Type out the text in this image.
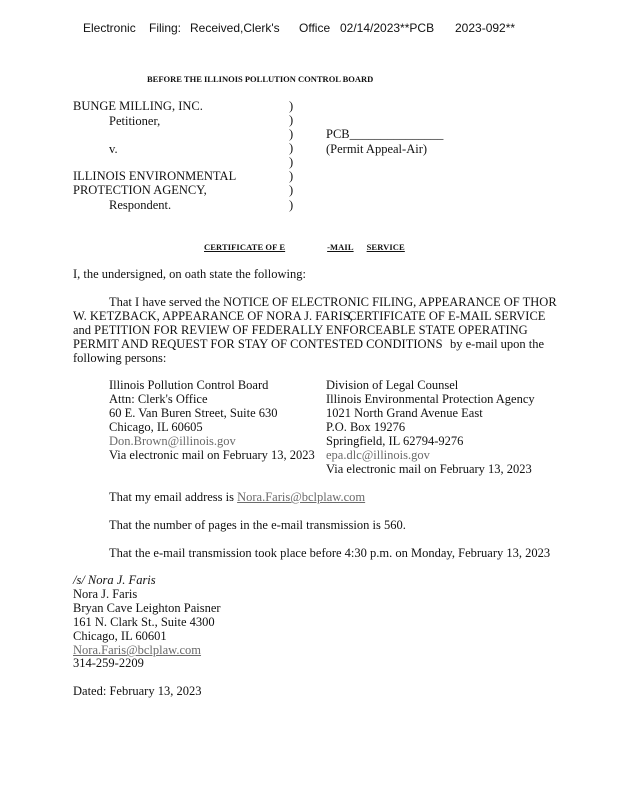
Electronic Filing: Received,Clerk's Office 02/14/2023**PCB 2023-092**
BEFORE THE ILLINOIS POLLUTION CONTROL BOARD
BUNGE MILLING, INC.
Petitioner,
v.
ILLINOIS ENVIRONMENTAL
PROTECTION AGENCY,
Respondent.
)
)
)
)
)
)
)
)
PCB_______________
(Permit Appeal-Air)
CERTIFICATE OF E	-MAIL SERVICE
I, the undersigned, on oath state the following:
That I have served the NOTICE OF ELECTRONIC FILING, APPEARANCE OF THOR
W. KETZBACK, APPEARANCE OF NORA J. FARIS,
CERTIFICATE OF E-MAIL SERVICE
and PETITION FOR REVIEW OF FEDERALLY ENFORCEABLE STATE OPERATING
PERMIT AND REQUEST FOR STAY OF CONTESTED CONDITIONS by e-mail upon the
following persons:
Illinois Pollution Control Board
Attn: Clerk's Office
60 E. Van Buren Street, Suite 630
Chicago, IL 60605
Don.Brown@illinois.gov
Via electronic mail on February 13, 2023
Division of Legal Counsel
Illinois Environmental Protection Agency
1021 North Grand Avenue East
P.O. Box 19276
Springfield, IL 62794-9276
epa.dlc@illinois.gov
Via electronic mail on February 13, 2023
That my email address is Nora.Faris@bclplaw.com
That the number of pages in the e-mail transmission is 560.
That the e-mail transmission took place before 4:30 p.m. on Monday, February 13, 2023
/s/ Nora J. Faris
Nora J. Faris
Bryan Cave Leighton Paisner
161 N. Clark St., Suite 4300
Chicago, IL 60601
Nora.Faris@bclplaw.com
314-259-2209
Dated: February 13, 2023
